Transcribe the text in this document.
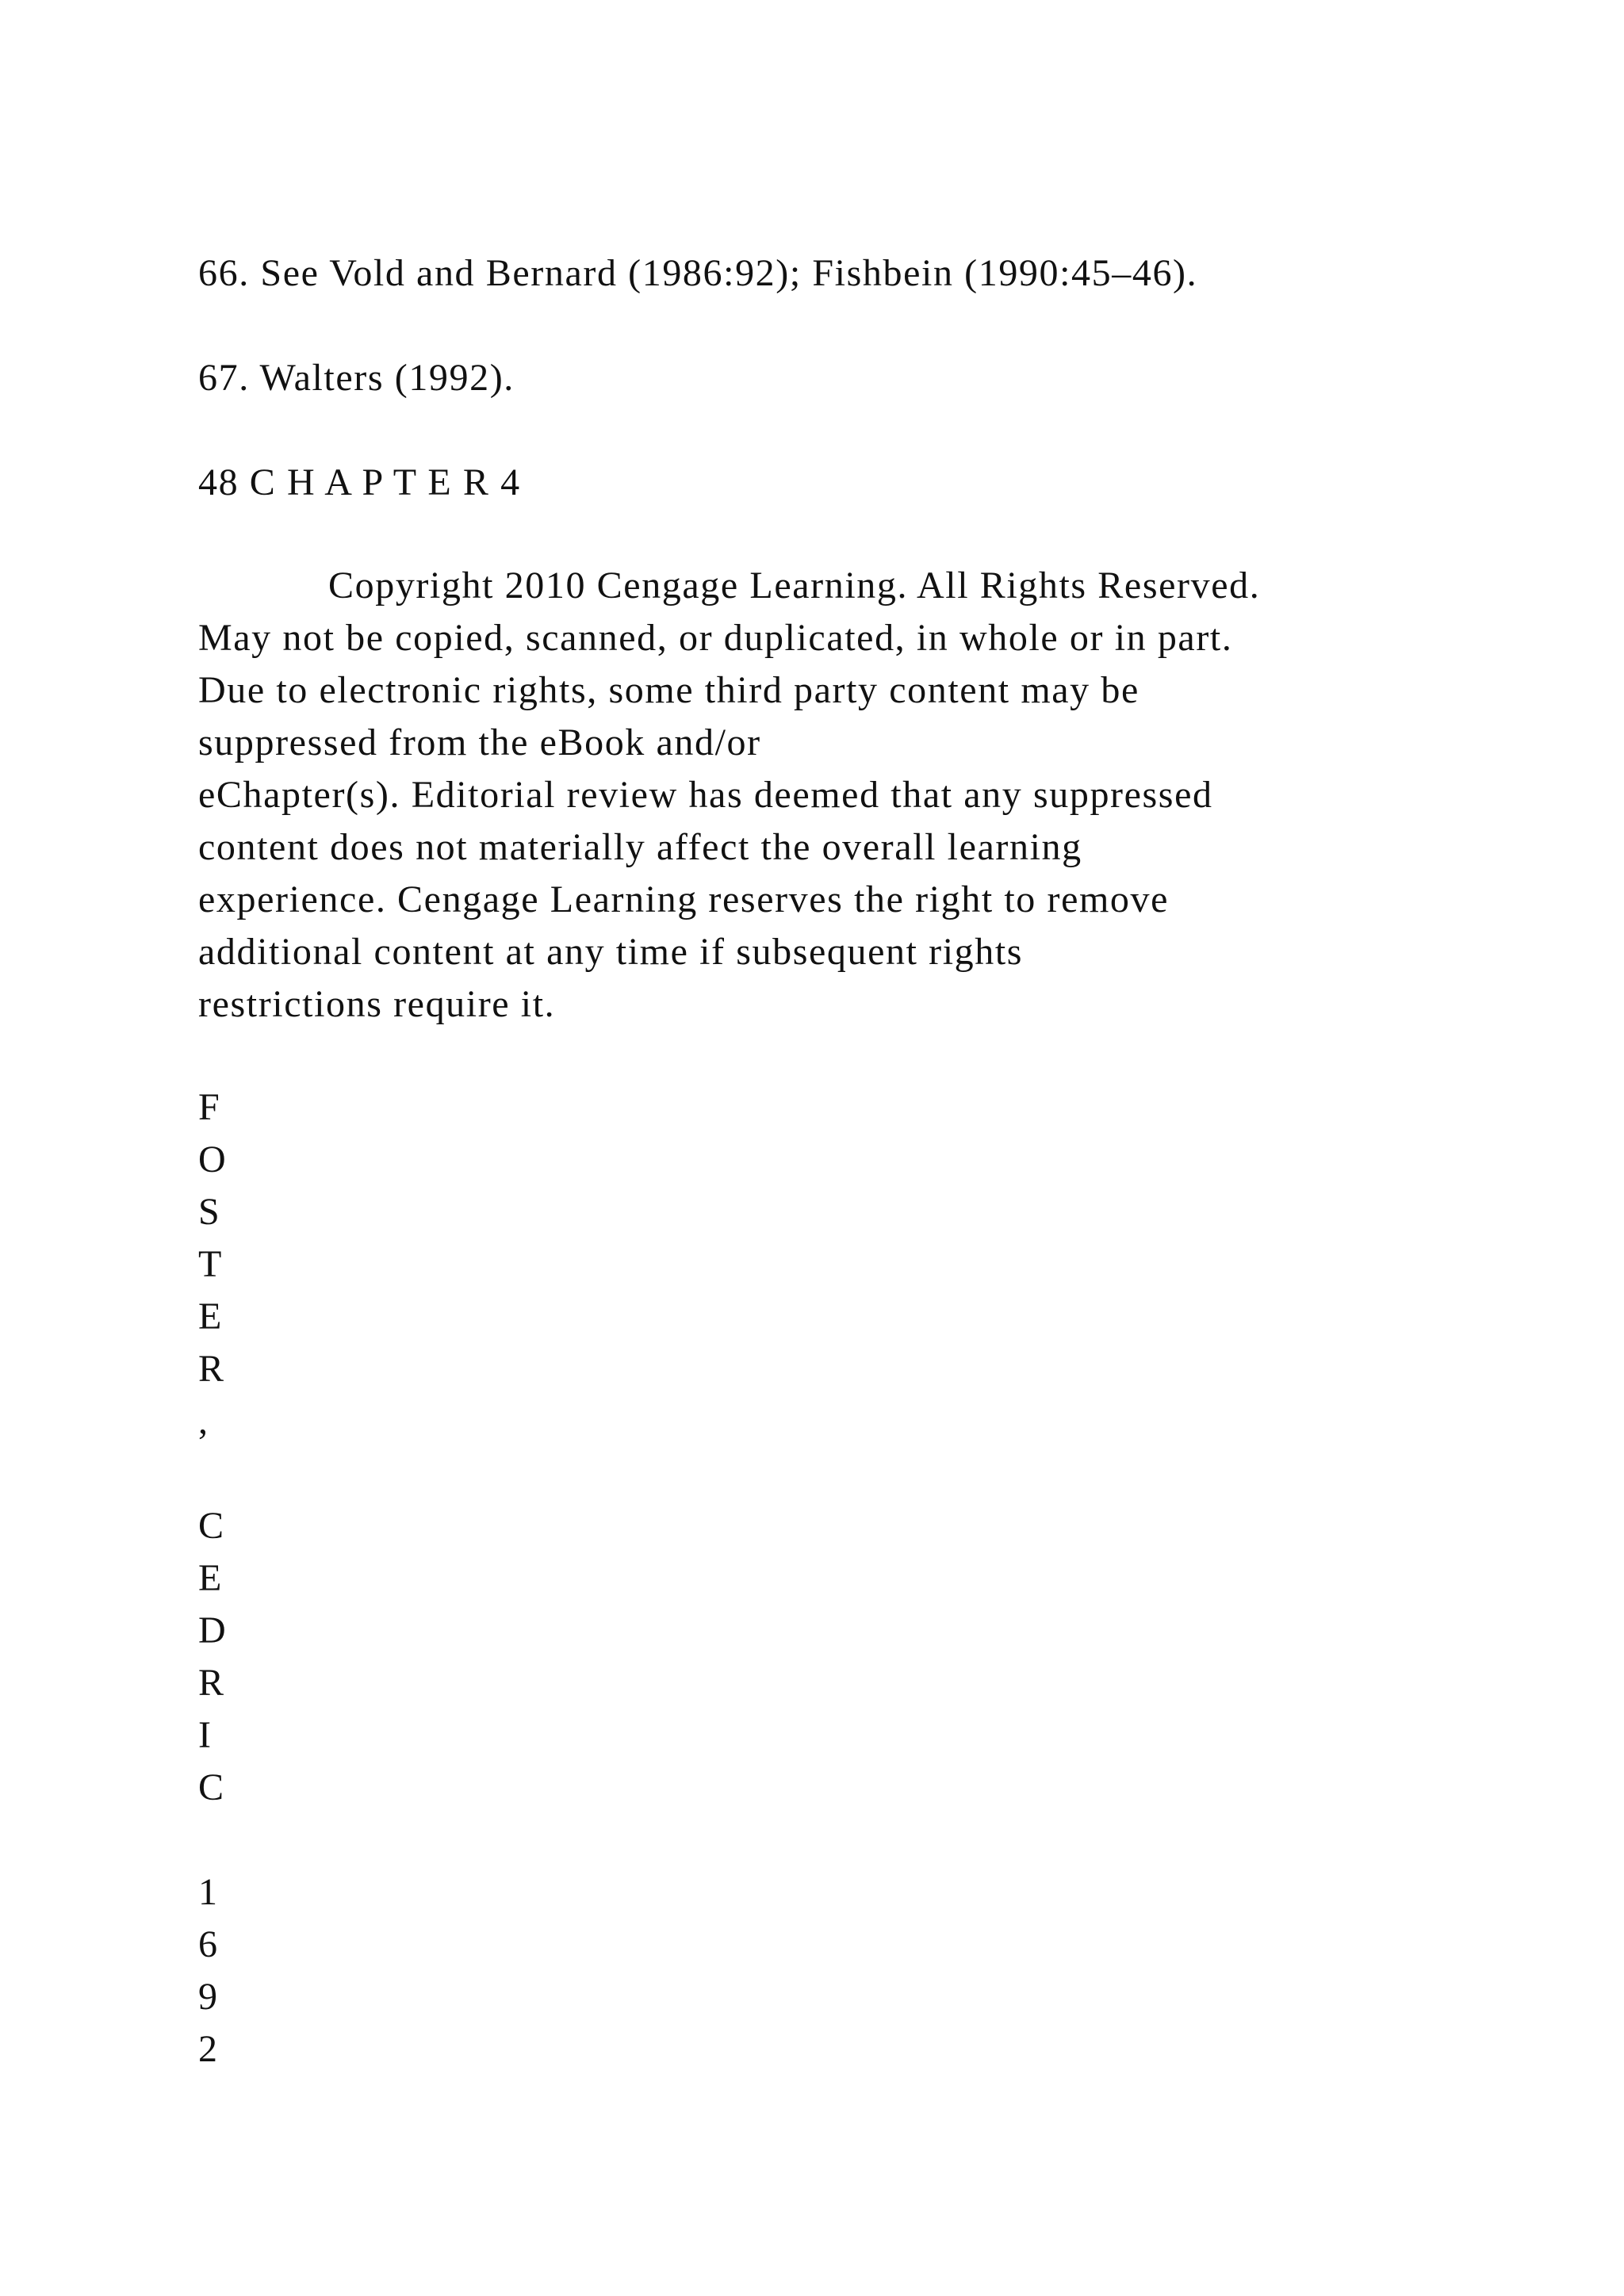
66. See Vold and Bernard (1986:92); Fishbein (1990:45–46).

67. Walters (1992).

48 C H A P T E R 4

Copyright 2010 Cengage Learning. All Rights Reserved.
May not be copied, scanned, or duplicated, in whole or in part.
Due to electronic rights, some third party content may be
suppressed from the eBook and/or
eChapter(s). Editorial review has deemed that any suppressed
content does not materially affect the overall learning
experience. Cengage Learning reserves the right to remove
additional content at any time if subsequent rights
restrictions require it.
F
O
S
T
E
R
,
C
E
D
R
I
C
1
6
9
2
